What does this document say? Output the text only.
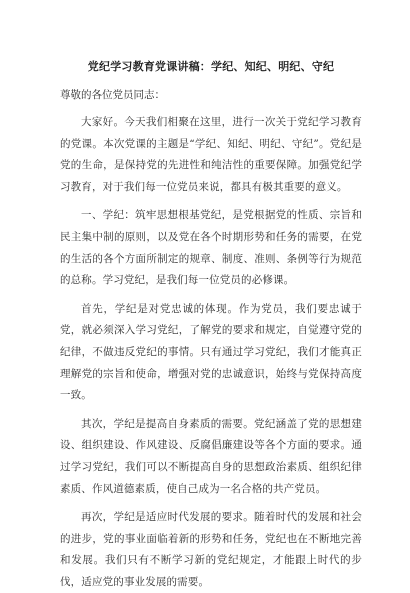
党纪学习教育党课讲稿：学纪、知纪、明纪、守纪
尊敬的各位党员同志：

大家好。今天我们相聚在这里，进行一次关于党纪学习教育的党课。本次党课的主题是“学纪、知纪、明纪、守纪”。党纪是党的生命，是保持党的先进性和纯洁性的重要保障。加强党纪学习教育，对于我们每一位党员来说，都具有极其重要的意义。

一、学纪：筑牢思想根基党纪，是党根据党的性质、宗旨和民主集中制的原则，以及党在各个时期形势和任务的需要，在党的生活的各个方面所制定的规章、制度、准则、条例等行为规范的总称。学习党纪，是我们每一位党员的必修课。

首先，学纪是对党忠诚的体现。作为党员，我们要忠诚于党，就必须深入学习党纪，了解党的要求和规定，自觉遵守党的纪律，不做违反党纪的事情。只有通过学习党纪，我们才能真正理解党的宗旨和使命，增强对党的忠诚意识，始终与党保持高度一致。

其次，学纪是提高自身素质的需要。党纪涵盖了党的思想建设、组织建设、作风建设、反腐倡廉建设等各个方面的要求。通过学习党纪，我们可以不断提高自身的思想政治素质、组织纪律素质、作风道德素质，使自己成为一名合格的共产党员。

再次，学纪是适应时代发展的要求。随着时代的发展和社会的进步，党的事业面临着新的形势和任务，党纪也在不断地完善和发展。我们只有不断学习新的党纪规定，才能跟上时代的步伐，适应党的事业发展的需要。
